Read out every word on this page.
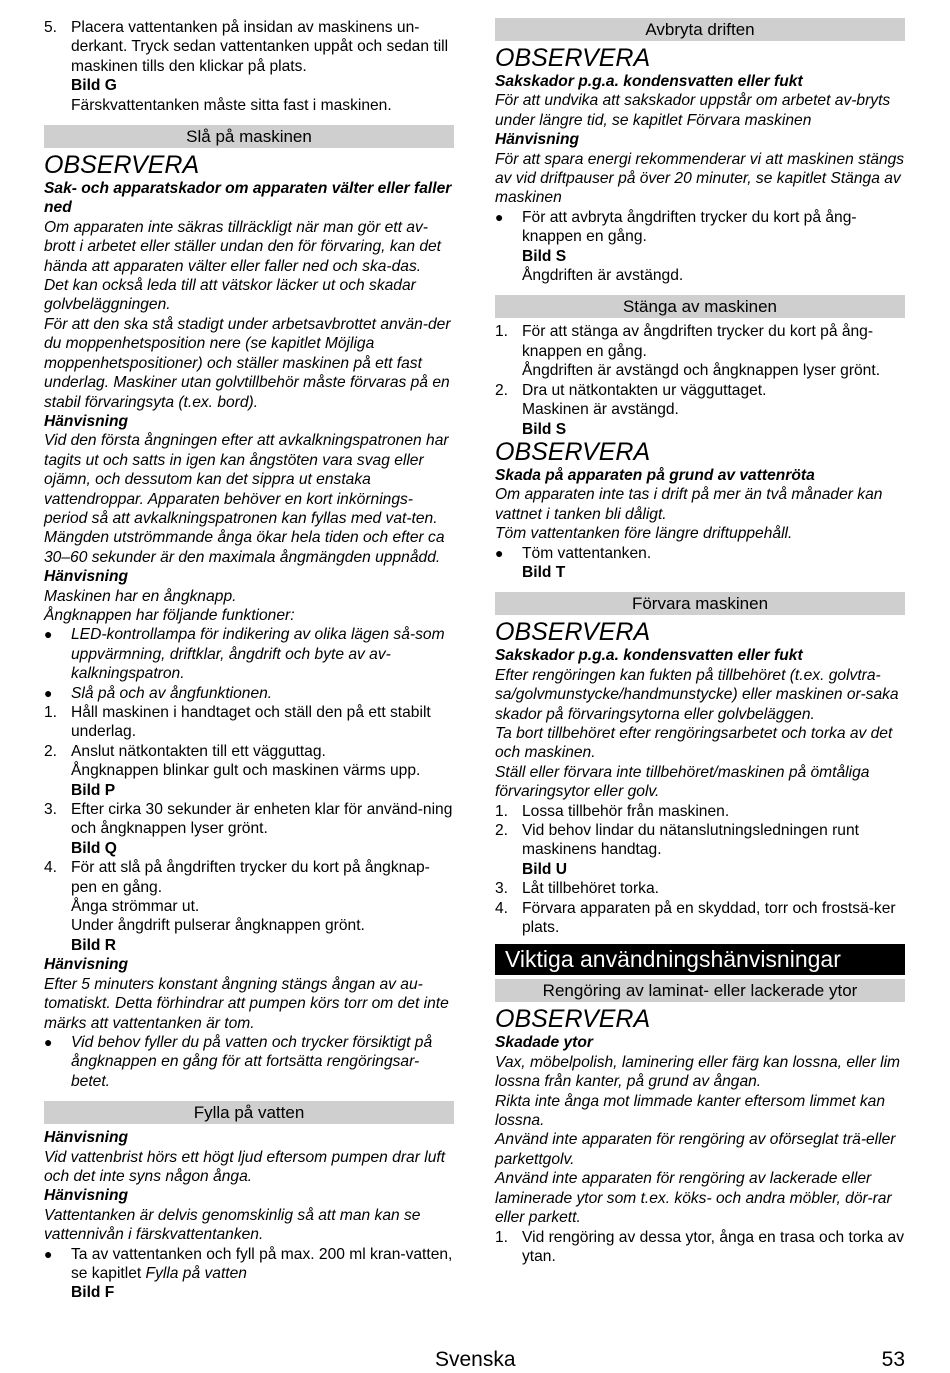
5. Placera vattentanken på insidan av maskinens un-derkant. Tryck sedan vattentanken uppåt och sedan till maskinen tills den klickar på plats.
Bild G
Färskvattentanken måste sitta fast i maskinen.
Slå på maskinen
OBSERVERA
Sak- och apparatskador om apparaten välter eller faller ned
Om apparaten inte säkras tillräckligt när man gör ett av-brott i arbetet eller ställer undan den för förvaring, kan det hända att apparaten välter eller faller ned och ska-das.
Det kan också leda till att vätskor läcker ut och skadar golvbeläggningen.
För att den ska stå stadigt under arbetsavbrottet använ-der du moppenhetsposition nere (se kapitlet Möjliga moppenhetspositioner) och ställer maskinen på ett fast underlag. Maskiner utan golvtillbehör måste förvaras på en stabil förvaringsyta (t.ex. bord).
Hänvisning
Vid den första ångningen efter att avkalkningspatronen har tagits ut och satts in igen kan ångstöten vara svag eller ojämn, och dessutom kan det sippra ut enstaka vattendroppar. Apparaten behöver en kort inkörnings-period så att avkalkningspatronen kan fyllas med vat-ten. Mängden utströmmande ånga ökar hela tiden och efter ca 30–60 sekunder är den maximala ångmängden uppnådd.
Hänvisning
Maskinen har en ångknapp.
Ångknappen har följande funktioner:
●	LED-kontrollampa för indikering av olika lägen så-som uppvärmning, driftklar, ångdrift och byte av av-kalkningspatron.
●	Slå på och av ångfunktionen.
1. Håll maskinen i handtaget och ställ den på ett stabilt underlag.
2. Anslut nätkontakten till ett vägguttag.
Ångknappen blinkar gult och maskinen värms upp.
Bild P
3. Efter cirka 30 sekunder är enheten klar för använd-ning och ångknappen lyser grönt.
Bild Q
4. För att slå på ångdriften trycker du kort på ångknap-pen en gång.
Ånga strömmar ut.
Under ångdrift pulserar ångknappen grönt.
Bild R
Hänvisning
Efter 5 minuters konstant ångning stängs ångan av au-tomatiskt. Detta förhindrar att pumpen körs torr om det inte märks att vattentanken är tom.
●	Vid behov fyller du på vatten och trycker försiktigt på ångknappen en gång för att fortsätta rengöringsar-betet.
Fylla på vatten
Hänvisning
Vid vattenbrist hörs ett högt ljud eftersom pumpen drar luft och det inte syns någon ånga.
Hänvisning
Vattentanken är delvis genomskinlig så att man kan se vattennivån i färskvattentanken.
●	Ta av vattentanken och fyll på max. 200 ml kran-vatten, se kapitlet Fylla på vatten
Bild F
Avbryta driften
OBSERVERA
Sakskador p.g.a. kondensvatten eller fukt
För att undvika att sakskador uppstår om arbetet av-bryts under längre tid, se kapitlet Förvara maskinen
Hänvisning
För att spara energi rekommenderar vi att maskinen stängs av vid driftpauser på över 20 minuter, se kapitlet Stänga av maskinen
●	För att avbryta ångdriften trycker du kort på ång-knappen en gång.
Bild S
Ångdriften är avstängd.
Stänga av maskinen
1. För att stänga av ångdriften trycker du kort på ång-knappen en gång.
Ångdriften är avstängd och ångknappen lyser grönt.
2. Dra ut nätkontakten ur vägguttaget.
Maskinen är avstängd.
Bild S
OBSERVERA
Skada på apparaten på grund av vattenröta
Om apparaten inte tas i drift på mer än två månader kan vattnet i tanken bli dåligt.
Töm vattentanken före längre driftuppehåll.
●	Töm vattentanken.
Bild T
Förvara maskinen
OBSERVERA
Sakskador p.g.a. kondensvatten eller fukt
Efter rengöringen kan fukten på tillbehöret (t.ex. golvtra-sa/golvmunstycke/handmunstycke) eller maskinen or-saka skador på förvaringsytorna eller golvbeläggen.
Ta bort tillbehöret efter rengöringsarbetet och torka av det och maskinen.
Ställ eller förvara inte tillbehöret/maskinen på ömtåliga förvaringsytor eller golv.
1. Lossa tillbehör från maskinen.
2. Vid behov lindar du nätanslutningsledningen runt maskinens handtag.
Bild U
3. Låt tillbehöret torka.
4. Förvara apparaten på en skyddad, torr och frostsä-ker plats.
Viktiga användningshänvisningar
Rengöring av laminat- eller lackerade ytor
OBSERVERA
Skadade ytor
Vax, möbelpolish, laminering eller färg kan lossna, eller lim lossna från kanter, på grund av ångan.
Rikta inte ånga mot limmade kanter eftersom limmet kan lossna.
Använd inte apparaten för rengöring av oförseglat trä-eller parkettgolv.
Använd inte apparaten för rengöring av lackerade eller laminerade ytor som t.ex. köks- och andra möbler, dör-rar eller parkett.
1. Vid rengöring av dessa ytor, ånga en trasa och torka av ytan.
Svenska	53
